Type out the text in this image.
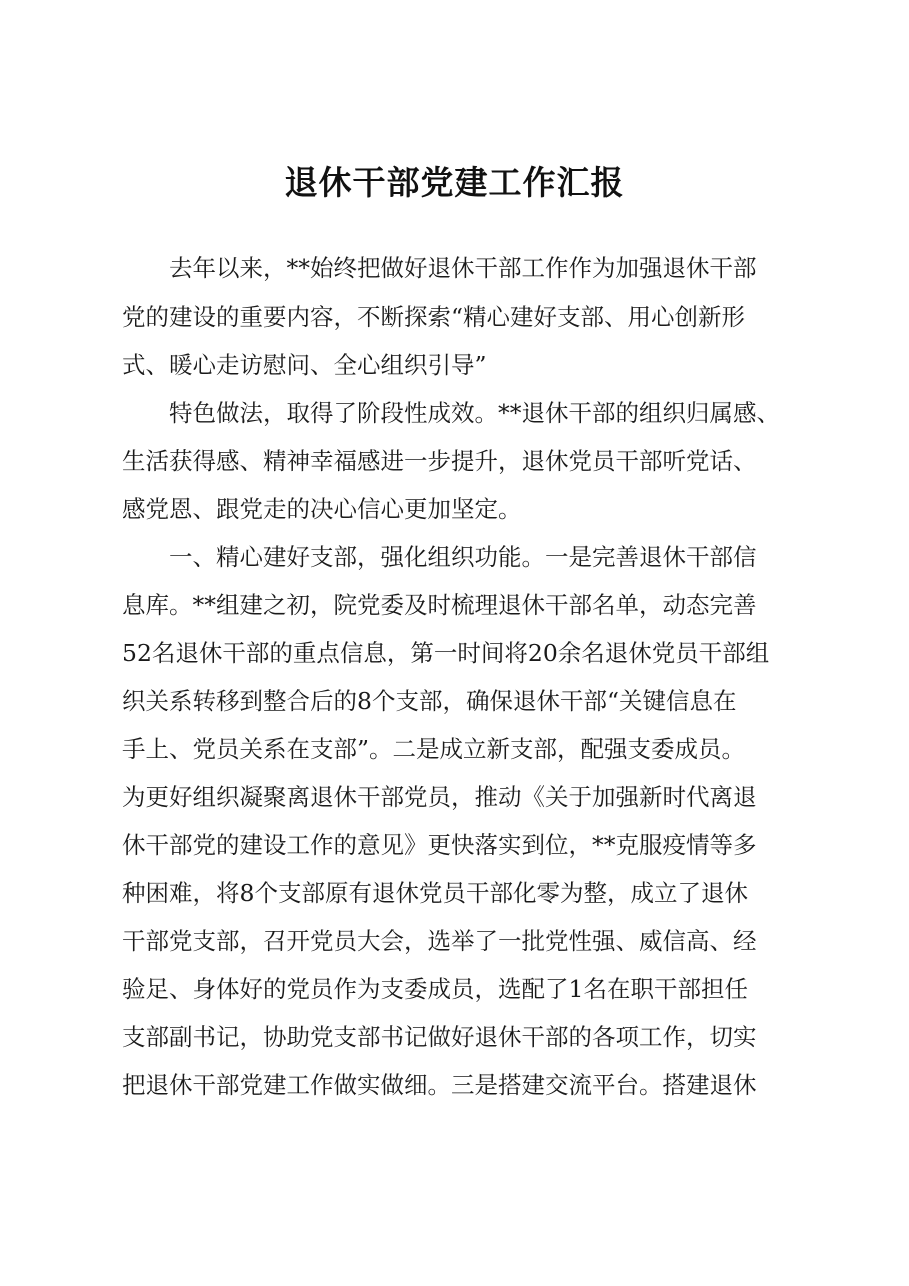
退休干部党建工作汇报
　　去年以来，**始终把做好退休干部工作作为加强退休干部
党的建设的重要内容，不断探索“精心建好支部、用心创新形
式、暖心走访慰问、全心组织引导”
　　特色做法，取得了阶段性成效。**退休干部的组织归属感、
生活获得感、精神幸福感进一步提升，退休党员干部听党话、
感党恩、跟党走的决心信心更加坚定。
　　一、精心建好支部，强化组织功能。一是完善退休干部信
息库。**组建之初，院党委及时梳理退休干部名单，动态完善
52名退休干部的重点信息，第一时间将20余名退休党员干部组
织关系转移到整合后的8个支部，确保退休干部“关键信息在
手上、党员关系在支部”。二是成立新支部，配强支委成员。
为更好组织凝聚离退休干部党员，推动《关于加强新时代离退
休干部党的建设工作的意见》更快落实到位，**克服疫情等多
种困难，将8个支部原有退休党员干部化零为整，成立了退休
干部党支部，召开党员大会，选举了一批党性强、威信高、经
验足、身体好的党员作为支委成员，选配了1名在职干部担任
支部副书记，协助党支部书记做好退休干部的各项工作，切实
把退休干部党建工作做实做细。三是搭建交流平台。搭建退休
